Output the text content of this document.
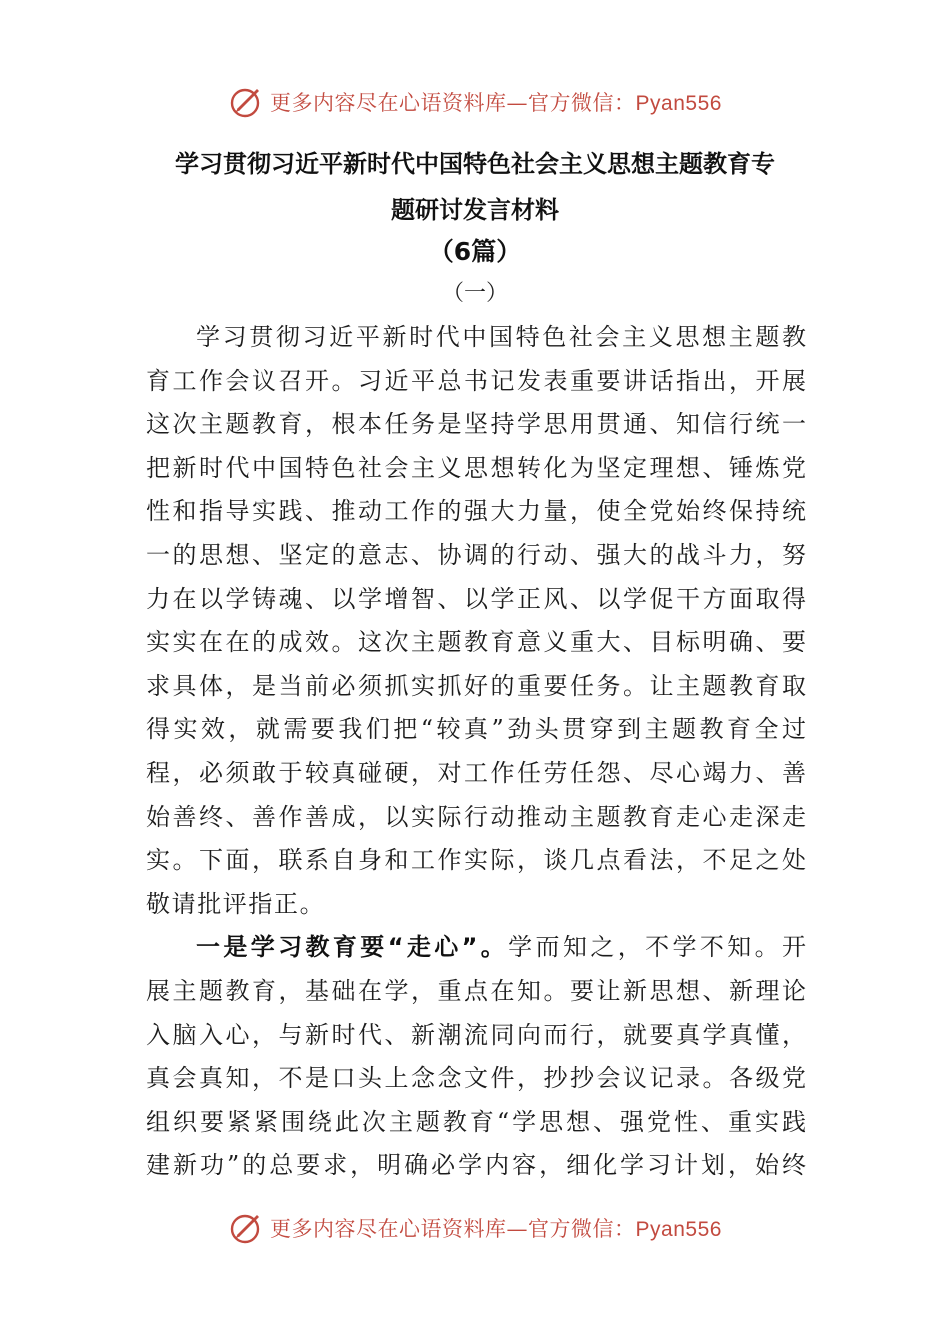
更多内容尽在心语资料库—官方微信：Pyan556
学习贯彻习近平新时代中国特色社会主义思想主题教育专
题研讨发言材料
（6篇）
（一）
学习贯彻习近平新时代中国特色社会主义思想主题教
育工作会议召开。习近平总书记发表重要讲话指出，开展
这次主题教育，根本任务是坚持学思用贯通、知信行统一
把新时代中国特色社会主义思想转化为坚定理想、锤炼党
性和指导实践、推动工作的强大力量，使全党始终保持统
一的思想、坚定的意志、协调的行动、强大的战斗力，努
力在以学铸魂、以学增智、以学正风、以学促干方面取得
实实在在的成效。这次主题教育意义重大、目标明确、要
求具体，是当前必须抓实抓好的重要任务。让主题教育取
得实效，就需要我们把“较真”劲头贯穿到主题教育全过
程，必须敢于较真碰硬，对工作任劳任怨、尽心竭力、善
始善终、善作善成，以实际行动推动主题教育走心走深走
实。下面，联系自身和工作实际，谈几点看法，不足之处
敬请批评指正。
一是学习教育要“走心”。学而知之，不学不知。开
展主题教育，基础在学，重点在知。要让新思想、新理论
入脑入心，与新时代、新潮流同向而行，就要真学真懂，
真会真知，不是口头上念念文件，抄抄会议记录。各级党
组织要紧紧围绕此次主题教育“学思想、强党性、重实践
建新功”的总要求，明确必学内容，细化学习计划，始终
更多内容尽在心语资料库—官方微信：Pyan556
